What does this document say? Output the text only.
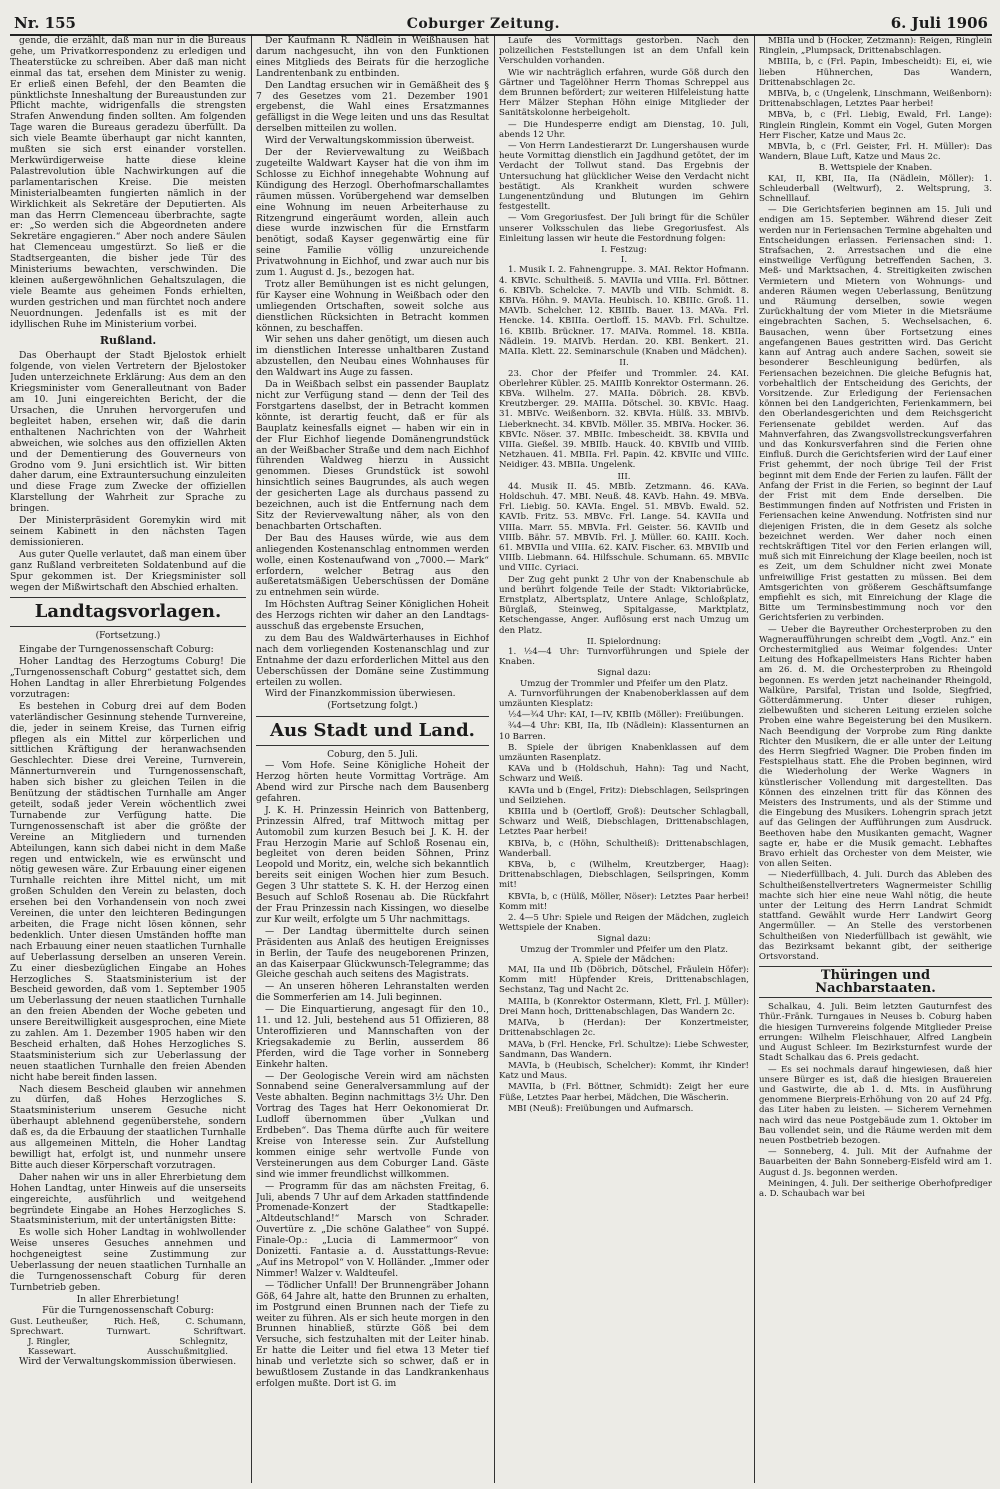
Nr. 155	Coburger Zeitung.	6. Juli 1906

gende, die erzählt, daß man nur in die Bureaus gehe, um Privatkorrespondenz zu erledigen und Theaterstücke zu schreiben. Aber daß man nicht einmal das tat, ersehen dem Minister zu wenig. Er erließ einen Befehl, der den Beamten die pünktlichste Inneshaltung der Bureaustunden zur Pflicht machte, widrigenfalls die strengsten Strafen Anwendung finden sollten. Am folgenden Tage waren die Bureaus geradezu überfüllt. Da sich viele Beamte überhaupt gar nicht kannten, mußten sie sich erst einander vorstellen. Merkwürdigerweise hatte diese kleine Palastrevolution üble Nachwirkungen auf die parlamentarischen Kreise. Die meisten Ministerialbeamten fungierten nämlich in der Wirklichkeit als Sekretäre der Deputierten. Als man das Herrn Clemenceau überbrachte, sagte er: „So werden sich die Abgeordneten andere Sekretäre engagieren.“ Aber noch andere Säulen hat Clemenceau umgestürzt. So ließ er die Stadtsergeanten, die bisher jede Tür des Ministeriums bewachten, verschwinden. Die kleinen außergewöhnlichen Gehaltszulagen, die viele Beamte aus geheimen Fonds erhielten, wurden gestrichen und man fürchtet noch andere Neuordnungen. Jedenfalls ist es mit der idyllischen Ruhe im Ministerium vorbei.

Rußland.

Das Oberhaupt der Stadt Bjelostok erhielt folgende, von vielen Vertretern der Bjelostoker Juden unterzeichnete Erklärung: Aus dem an den Kriegsminister vom Generalleutnant von Bader am 10. Juni eingereichten Bericht, der die Ursachen, die Unruhen hervorgerufen und begleitet haben, ersehen wir, daß die darin enthaltenen Nachrichten von der Wahrheit abweichen, wie solches aus den offiziellen Akten und der Dementierung des Gouverneurs von Grodno vom 9. Juni ersichtlich ist. Wir bitten daher darum, eine Extrauntersuchung einzuleiten und diese Frage zum Zwecke der offiziellen Klarstellung der Wahrheit zur Sprache zu bringen.

Der Ministerpräsident Goremykin wird mit seinem Kabinett in den nächsten Tagen demissionieren.

Aus guter Quelle verlautet, daß man einem über ganz Rußland verbreiteten Soldatenbund auf die Spur gekommen ist. Der Kriegsminister soll wegen der Mißwirtschaft den Abschied erhalten.

Landtagsvorlagen.
(Fortsetzung.)

Eingabe der Turngenossenschaft Coburg:

Hoher Landtag des Herzogtums Coburg! Die „Turngenossenschaft Coburg“ gestattet sich, dem Hohen Landtag in aller Ehrerbietung Folgendes vorzutragen:

Es bestehen in Coburg drei auf dem Boden vaterländischer Gesinnung stehende Turnvereine, die, jeder in seinem Kreise, das Turnen eifrig pflegen als ein Mittel zur körperlichen und sittlichen Kräftigung der heranwachsenden Geschlechter. Diese drei Vereine, Turnverein, Männerturnverein und Turngenossenschaft, haben sich bisher zu gleichen Teilen in die Benützung der städtischen Turnhalle am Anger geteilt, sodaß jeder Verein wöchentlich zwei Turnabende zur Verfügung hatte. Die Turngenossenschaft ist aber die größte der Vereine an Mitgliedern und turnenden Abteilungen, kann sich dabei nicht in dem Maße regen und entwickeln, wie es erwünscht und nötig gewesen wäre. Zur Erbauung einer eigenen Turnhalle reichten ihre Mittel nicht, um mit großen Schulden den Verein zu belasten, doch ersehen bei den Vorhandensein von noch zwei Vereinen, die unter den leichteren Bedingungen arbeiten, die Frage nicht lösen können, sehr bedenklich. Unter diesen Umständen hoffte man nach Erbauung einer neuen staatlichen Turnhalle auf Ueberlassung derselben an unseren Verein. Zu einer diesbezüglichen Eingabe an Hohes Herzogliches S. Staatsministerium ist der Bescheid geworden, daß vom 1. September 1905 um Ueberlassung der neuen staatlichen Turnhalle an den freien Abenden der Woche gebeten und unsere Bereitwilligkeit ausgesprochen, eine Miete zu zahlen. Am 1. Dezember 1905 haben wir den Bescheid erhalten, daß Hohes Herzogliches S. Staatsministerium sich zur Ueberlassung der neuen staatlichen Turnhalle den freien Abenden nicht habe bereit finden lassen.

Nach diesem Bescheid glauben wir annehmen zu dürfen, daß Hohes Herzogliches S. Staatsministerium unserem Gesuche nicht überhaupt ablehnend gegenüberstehe, sondern daß es, da die Erbauung der staatlichen Turnhalle aus allgemeinen Mitteln, die Hoher Landtag bewilligt hat, erfolgt ist, und nunmehr unsere Bitte auch dieser Körperschaft vorzutragen.

Daher nahen wir uns in aller Ehrerbietung dem Hohen Landtag, unter Hinweis auf die unserseits eingereichte, ausführlich und weitgehend begründete Eingabe an Hohes Herzogliches S. Staatsministerium, mit der untertänigsten Bitte:

Es wolle sich Hoher Landtag in wohlwollender Weise unseres Gesuches annehmen und hochgeneigtest seine Zustimmung zur Ueberlassung der neuen staatlichen Turnhalle an die Turngenossenschaft Coburg für deren Turnbetrieb geben.

In aller Ehrerbietung!
Für die Turngenossenschaft Coburg:
Gust. Leutheußer,	Rich. Heß,	C. Schumann,
Sprechwart.	Turnwart.	Schriftwart.
J. Ringler,	Schlegnitz,
Kassewart.	Ausschußmitglied.

Wird der Verwaltungskommission überwiesen.

Der Kaufmann R. Nädlein in Weißhausen hat darum nachgesucht, ihn von den Funktionen eines Mitglieds des Beirats für die herzogliche Landrentenbank zu entbinden.

Den Landtag ersuchen wir in Gemäßheit des § 7 des Gesetzes vom 21. Dezember 1901 ergebenst, die Wahl eines Ersatzmannes gefälligst in die Wege leiten und uns das Resultat derselben mitteilen zu wollen.

Wird der Verwaltungskommission überweist.

Der der Reviervewaltung zu Weißbach zugeteilte Waldwart Kayser hat die von ihm im Schlosse zu Eichhof innegehabte Wohnung auf Kündigung des Herzogl. Oberhofmarschallamtes räumen müssen. Vorübergehend war demselben eine Wohnung im neuen Arbeiterhause zu Ritzengrund eingeräumt worden, allein auch diese wurde inzwischen für die Ernstfarm benötigt, sodaß Kayser gegenwärtig eine für seine Familie völlig unzureichende Privatwohnung in Eichhof, und zwar auch nur bis zum 1. August d. Js., bezogen hat.

Trotz aller Bemühungen ist es nicht gelungen, für Kayser eine Wohnung in Weißbach oder den umliegenden Ortschaften, soweit solche aus dienstlichen Rücksichten in Betracht kommen können, zu beschaffen.

Wir sehen uns daher genötigt, um diesen auch im dienstlichen Interesse unhaltbaren Zustand abzustellen, den Neubau eines Wohnhauses für den Waldwart ins Auge zu fassen.

Da in Weißbach selbst ein passender Bauplatz nicht zur Verfügung stand — denn der Teil des Forstgartens daselbst, der in Betracht kommen könnte, ist derartig feucht, daß er für als Bauplatz keinesfalls eignet — haben wir ein in der Flur Eichhof liegende Domänengrundstück an der Weißbacher Straße und dem nach Eichhof führenden Waldweg hierzu in Aussicht genommen. Dieses Grundstück ist sowohl hinsichtlich seines Baugrundes, als auch wegen der gesicherten Lage als durchaus passend zu bezeichnen, auch ist die Entfernung nach dem Sitz der Reviervewaltung näher, als von den benachbarten Ortschaften.

Der Bau des Hauses würde, wie aus dem anliegenden Kostenanschlag entnommen werden wolle, einen Kostenaufwand von „7000.— Mark“ erfordern, welcher Betrag aus den außeretatsmäßigen Ueberschüssen der Domäne zu entnehmen sein würde.

Im Höchsten Auftrag Seiner Königlichen Hoheit des Herzogs richten wir daher an den Landtags-ausschuß das ergebenste Ersuchen,

zu dem Bau des Waldwärterhauses in Eichhof nach dem vorliegenden Kostenanschlag und zur Entnahme der dazu erforderlichen Mittel aus den Ueberschüssen der Domäne seine Zustimmung erteilen zu wollen.

Wird der Finanzkommission überwiesen.

(Fortsetzung folgt.)
Aus Stadt und Land.
Coburg, den 5. Juli.

— Vom Hofe. Seine Königliche Hoheit der Herzog hörten heute Vormittag Vorträge. Am Abend wird zur Pirsche nach dem Bausenberg gefahren.

J. K. H. Prinzessin Heinrich von Battenberg, Prinzessin Alfred, traf Mittwoch mittag per Automobil zum kurzen Besuch bei J. K. H. der Frau Herzogin Marie auf Schloß Rosenau ein, begleitet von deren beiden Söhnen, Prinz Leopold und Moritz, ein, welche sich bekanntlich bereits seit einigen Wochen hier zum Besuch. Gegen 3 Uhr stattete S. K. H. der Herzog einen Besuch auf Schloß Rosenau ab. Die Rückfahrt der Frau Prinzessin nach Kissingen, wo dieselbe zur Kur weilt, erfolgte um 5 Uhr nachmittags.

— Der Landtag übermittelte durch seinen Präsidenten aus Anlaß des heutigen Ereignisses in Berlin, der Taufe des neugeborenen Prinzen, an das Kaiserpaar Glückwunsch-Telegramme; das Gleiche geschah auch seitens des Magistrats.

— An unseren höheren Lehranstalten werden die Sommerferien am 14. Juli beginnen.

— Die Einquartierung, angesagt für den 10., 11. und 12. Juli, bestehend aus 51 Offizieren, 88 Unteroffizieren und Mannschaften von der Kriegsakademie zu Berlin, ausserdem 86 Pferden, wird die Tage vorher in Sonneberg Einkehr halten.

— Der Geologische Verein wird am nächsten Sonnabend seine Generalversammlung auf der Veste abhalten. Beginn nachmittags 3½ Uhr. Den Vortrag des Tages hat Herr Oekonomierat Dr. Ludloff übernommen über „Vulkan und Erdbeben“. Das Thema dürfte auch für weitere Kreise von Interesse sein. Zur Aufstellung kommen einige sehr wertvolle Funde von Versteinerungen aus dem Coburger Land. Gäste sind wie immer freundlichst willkommen.

— Programm für das am nächsten Freitag, 6. Juli, abends 7 Uhr auf dem Arkaden stattfindende Promenade-Konzert der Stadtkapelle: „Altdeutschland!“ Marsch von Schrader. Ouvertüre z. „Die schöne Galathee“ von Suppé. Finale-Op.: „Lucia di Lammermoor“ von Donizetti. Fantasie a. d. Ausstattungs-Revue: „Auf ins Metropol“ von V. Holländer. „Immer oder Nimmer! Walzer v. Waldteufel.

— Tödlicher Unfall! Der Brunnengräber Johann Göß, 64 Jahre alt, hatte den Brunnen zu erhalten, im Postgrund einen Brunnen nach der Tiefe zu weiter zu führen. Als er sich heute morgen in den Brunnen hinabließ, stürzte Göß bei dem Versuche, sich festzuhalten mit der Leiter hinab. Er hatte die Leiter und fiel etwa 13 Meter tief hinab und verletzte sich so schwer, daß er in bewußtlosem Zustande in das Landkrankenhaus erfolgen mußte. Dort ist G. im

Laufe des Vormittags gestorben. Nach den polizeilichen Feststellungen ist an dem Unfall kein Verschulden vorhanden.

Wie wir nachträglich erfahren, wurde Göß durch den Gärtner und Tagelöhner Herrn Thomas Schreppel aus dem Brunnen befördert; zur weiteren Hilfeleistung hatte Herr Mälzer Stephan Höhn einige Mitglieder der Sanitätskolonne herbeigeholt.

— Die Hundesperre endigt am Dienstag, 10. Juli, abends 12 Uhr.

— Von Herrn Landestierarzt Dr. Lungershausen wurde heute Vormittag dienstlich ein Jagdhund getötet, der im Verdacht der Tollwut stand. Das Ergebnis der Untersuchung hat glücklicher Weise den Verdacht nicht bestätigt. Als Krankheit wurden schwere Lungenentzündung und Blutungen im Gehirn festgestellt.

— Vom Gregoriusfest. Der Juli bringt für die Schüler unserer Volksschulen das liebe Gregoriusfest. Als Einleitung lassen wir heute die Festordnung folgen:

I. Festzug:
I.

1. Musik I. 2. Fahnengruppe. 3. MAI. Rektor Hofmann. 4. KBVIc. Schultheiß. 5. MAVIIa und VIIIa. Frl. Böttner. 6. KBIVb. Schelcke. 7. MAVIb und VIIb. Schmidt. 8. KBIVa. Höhn. 9. MAVIa. Heubisch. 10. KBIIIc. Groß. 11. MAVIb. Schelcher. 12. KBIIIb. Bauer. 13. MAVa. Frl. Hencke. 14. KBIIIa. Oertloff. 15. MAVb. Frl. Schultze. 16. KBIIb. Brückner. 17. MAIVa. Rommel. 18. KBIIa. Nädlein. 19. MAIVb. Herdan. 20. KBI. Benkert. 21. MAIIa. Klett. 22. Seminarschule (Knaben und Mädchen).

II.

23. Chor der Pfeifer und Trommler. 24. KAI. Oberlehrer Kübler. 25. MAIIIb Konrektor Ostermann. 26. KBVa. Wilhelm. 27. MAIIa. Döbrich. 28. KBVb. Kreutzberger. 29. MAIIIa. Dötschel. 30. KBVIc. Haag. 31. MBIVc. Weißenborn. 32. KBVIa. Hülß. 33. MBIVb. Lieberknecht. 34. KBVIb. Möller. 35. MBIVa. Hocker. 36. KBVIc. Nöser. 37. MBIIc. Imbescheidt. 38. KBVIIa und VIIIa. Gießel. 39. MBIIb. Hauck. 40. KBVIIb und VIIIb. Netzhauen. 41. MBIIa. Frl. Papin. 42. KBVIIc und VIIIc. Neidiger. 43. MBIIa. Ungelenk.

III.

44. Musik II. 45. MBIb. Zetzmann. 46. KAVa. Holdschuh. 47. MBI. Neuß. 48. KAVb. Hahn. 49. MBVa. Frl. Liebig. 50. KAVIa. Engel. 51. MBVb. Ewald. 52. KAVIb. Fritz. 53. MBVc. Frl. Lange. 54. KAVIIa und VIIIa. Marr. 55. MBVIa. Frl. Geister. 56. KAVIIb und VIIIb. Bähr. 57. MBVIb. Frl. J. Müller. 60. KAIII. Koch. 61. MBVIIa und VIIIa. 62. KAIV. Fischer. 63. MBVIIb und VIIIb. Liebmann. 64. Hilfsschule. Schumann. 65. MBVIIc und VIIIc. Cyriaci.

Der Zug geht punkt 2 Uhr von der Knabenschule ab und berührt folgende Teile der Stadt: Viktoriabrücke, Ernstplatz, Albertsplatz, Untere Anlage, Schloßplatz, Bürglaß, Steinweg, Spitalgasse, Marktplatz, Ketschengasse, Anger. Auflösung erst nach Umzug um den Platz.

II. Spielordnung:

1. ½4—4 Uhr: Turnvorführungen und Spiele der Knaben.

Signal dazu:
Umzug der Trommler und Pfeifer um den Platz.

A. Turnvorführungen der Knabenoberklassen auf dem umzäunten Kiesplatz:

½4—¾4 Uhr: KAI, I—IV, KBIIb (Möller): Freiübungen.

¾4—4 Uhr: KBI, IIa, IIb (Nädlein): Klassenturnen an 10 Barren.

B. Spiele der übrigen Knabenklassen auf dem umzäunten Rasenplatz.

KAVa und b (Holdschuh, Hahn): Tag und Nacht, Schwarz und Weiß.

KAVIa und b (Engel, Fritz): Diebschlagen, Seilspringen und Seilziehen.

KBIIIa und b (Oertloff, Groß): Deutscher Schlagball, Schwarz und Weiß, Diebschlagen, Drittenabschlagen, Letztes Paar herbei!

KBIVa, b, c (Höhn, Schultheiß): Drittenabschlagen, Wanderball.

KBVa, b, c (Wilhelm, Kreutzberger, Haag): Drittenabschlagen, Diebschlagen, Seilspringen, Komm mit!

KBVIa, b, c (Hülß, Möller, Nöser): Letztes Paar herbei! Komm mit!

2. 4—5 Uhr: Spiele und Reigen der Mädchen, zugleich Wettspiele der Knaben.

Signal dazu:
Umzug der Trommler und Pfeifer um den Platz.
A. Spiele der Mädchen:

MAI, IIa und IIb (Döbrich, Dötschel, Fräulein Höfer): Komm mit! Hüpfender Kreis, Drittenabschlagen, Sechstanz, Tag und Nacht 2c.

MAIIIa, b (Konrektor Ostermann, Klett, Frl. J. Müller): Drei Mann hoch, Drittenabschlagen, Das Wandern 2c.

MAIVa, b (Herdan): Der Konzertmeister, Drittenabschlagen 2c.

MAVa, b (Frl. Hencke, Frl. Schultze): Liebe Schwester, Sandmann, Das Wandern.

MAVIa, b (Heubisch, Schelcher): Kommt, ihr Kinder! Katz und Maus.

MAVIIa, b (Frl. Böttner, Schmidt): Zeigt her eure Füße, Letztes Paar herbei, Mädchen, Die Wäscherin.

MBI (Neuß): Freiübungen und Aufmarsch.

MBIIa und b (Hocker, Zetzmann): Reigen, Ringlein Ringlein, „Plumpsack, Drittenabschlagen.

MBIIIa, b, c (Frl. Papin, Imbescheidt): Ei, ei, wie lieben Hühnerchen, Das Wandern, Drittenabschlagen 2c.

MBIVa, b, c (Ungelenk, Linschmann, Weißenborn): Drittenabschlagen, Letztes Paar herbei!

MBVa, b, c (Frl. Liebig, Ewald, Frl. Lange): Ringlein Ringlein, Kommt ein Vogel, Guten Morgen Herr Fischer, Katze und Maus 2c.

MBVIa, b, c (Frl. Geister, Frl. H. Müller): Das Wandern, Blaue Luft, Katze und Maus 2c.

B. Wettspiele der Knaben.

KAI, II, KBI, IIa, IIa (Nädlein, Möller): 1. Schleuderball (Weltwurf), 2. Weltsprung, 3. Schnelllauf.

— Die Gerichtsferien beginnen am 15. Juli und endigen am 15. September. Während dieser Zeit werden nur in Feriensachen Termine abgehalten und Entscheidungen erlassen. Feriensachen sind: 1. Strafsachen, 2. Arrestsachen und die eine einstweilige Verfügung betreffenden Sachen, 3. Meß- und Marktsachen, 4. Streitigkeiten zwischen Vermietern und Mietern von Wohnungs- und anderen Räumen wegen Ueberlassung, Benützung und Räumung derselben, sowie wegen Zurückhaltung der vom Mieter in die Mietsräume eingebrachten Sachen, 5. Wechselsachen, 6. Bausachen, wenn über Fortsetzung eines angefangenen Baues gestritten wird. Das Gericht kann auf Antrag auch andere Sachen, soweit sie besonderer Beschleunigung bedürfen, als Feriensachen bezeichnen. Die gleiche Befugnis hat, vorbehaltlich der Entscheidung des Gerichts, der Vorsitzende. Zur Erledigung der Feriensachen können bei den Landgerichten, Ferienkammern, bei den Oberlandesgerichten und dem Reichsgericht Feriensenate gebildet werden. Auf das Mahnverfahren, das Zwangsvollstreckungsverfahren und das Konkursverfahren sind die Ferien ohne Einfluß. Durch die Gerichtsferien wird der Lauf einer Frist gehemmt, der noch übrige Teil der Frist beginnt mit dem Ende der Ferien zu laufen. Fällt der Anfang der Frist in die Ferien, so beginnt der Lauf der Frist mit dem Ende derselben. Die Bestimmungen finden auf Notfristen und Fristen in Feriensachen keine Anwendung. Notfristen sind nur diejenigen Fristen, die in dem Gesetz als solche bezeichnet werden. Wer daher noch einen rechtskräftigen Titel vor den Ferien erlangen will, muß sich mit Einreichung der Klage beeilen, noch ist es Zeit, um dem Schuldner nicht zwei Monate unfreiwillige Frist gestatten zu müssen. Bei dem Amtsgerichten von größerem Geschäftsumfange empfiehlt es sich, mit Einreichung der Klage die Bitte um Terminsbestimmung noch vor den Gerichtsferien zu verbinden.

— Ueber die Bayreuther Orchesterproben zu den Wagneraufführungen schreibt dem „Vogtl. Anz.“ ein Orchestermitglied aus Weimar folgendes: Unter Leitung des Hofkapellmeisters Hans Richter haben am 26. d. M. die Orchesterproben zu Rheingold begonnen. Es werden jetzt nacheinander Rheingold, Walküre, Parsifal, Tristan und Isolde, Siegfried, Götterdämmerung. Unter dieser ruhigen, zielbewußten und sicheren Leitung erzielen solche Proben eine wahre Begeisterung bei den Musikern. Nach Beendigung der Vorprobe zum Ring dankte Richter den Musikern, die er alle unter der Leitung des Herrn Siegfried Wagner. Die Proben finden im Festspielhaus statt. Ehe die Proben beginnen, wird die Wiederholung der Werke Wagners in künstlerischer Vollendung mit dargestellten. Das Können des einzelnen tritt für das Können des Meisters des Instruments, und als der Stimme und die Eingebung des Musikers. Lohengrin sprach jetzt auf das Gelingen der Aufführungen zum Ausdruck. Beethoven habe den Musikanten gemacht, Wagner sagte er, habe er die Musik gemacht. Lebhaftes Bravo erhielt das Orchester von dem Meister, wie von allen Seiten.

— Niederfüllbach, 4. Juli. Durch das Ableben des Schultheißenstellvertreters Wagnermeister Schillig machte sich hier eine neue Wahl nötig, die heute unter der Leitung des Herrn Landrat Schmidt stattfand. Gewählt wurde Herr Landwirt Georg Angermüller. — An Stelle des verstorbenen Schultheißen von Niederfüllbach ist gewählt, wie das Bezirksamt bekannt gibt, der seitherige Ortsvorstand.

Thüringen und Nachbarstaaten.

Schalkau, 4. Juli. Beim letzten Gauturnfest des Thür.-Fränk. Turngaues in Neuses b. Coburg haben die hiesigen Turnvereins folgende Mitglieder Preise errungen: Wilhelm Fleischhauer, Alfred Langbein und August Schleer. Im Bezirksturnfest wurde der Stadt Schalkau das 6. Preis gedacht.

— Es sei nochmals darauf hingewiesen, daß hier unsere Bürger es ist, daß die hiesigen Brauereien und Gastwirte, die ab 1. d. Mts. in Ausführung genommene Bierpreis-Erhöhung von 20 auf 24 Pfg. das Liter haben zu leisten. — Sicherem Vernehmen nach wird das neue Postgebäude zum 1. Oktober im Bau vollendet sein, und die Räume werden mit dem neuen Postbetrieb bezogen.

— Sonneberg, 4. Juli. Mit der Aufnahme der Bauarbeiten der Bahn Sonneberg-Eisfeld wird am 1. August d. Js. begonnen werden.

Meiningen, 4. Juli. Der seitherige Oberhofprediger a. D. Schaubach war bei
